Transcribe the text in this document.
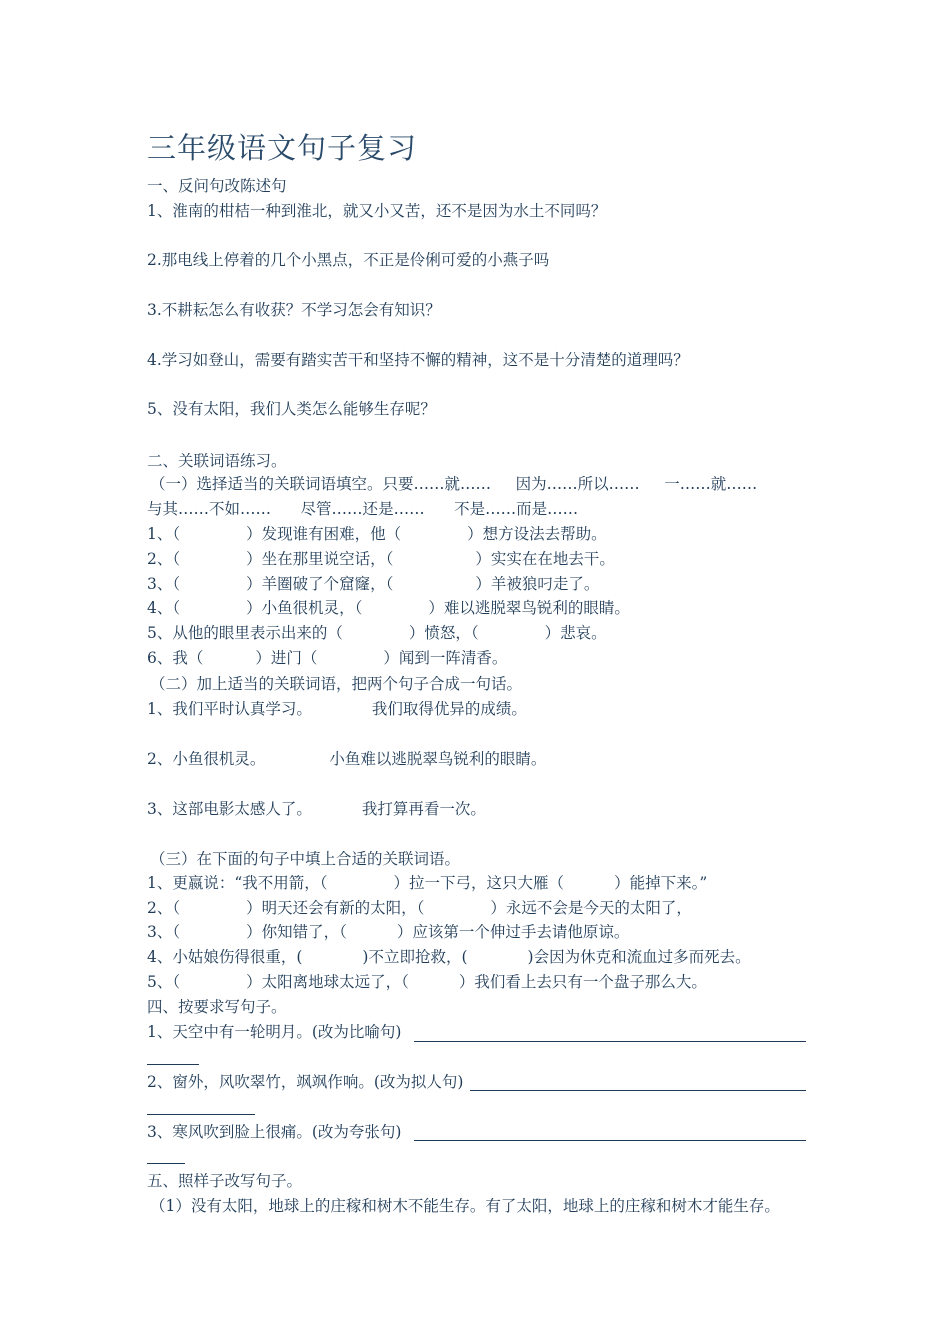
三年级语文句子复习
一、反问句改陈述句
1、淮南的柑桔一种到淮北，就又小又苦，还不是因为水土不同吗？
2.那电线上停着的几个小黑点，不正是伶俐可爱的小燕子吗
3.不耕耘怎么有收获？不学习怎会有知识？
4.学习如登山，需要有踏实苦干和坚持不懈的精神，这不是十分清楚的道理吗？
5、没有太阳，我们人类怎么能够生存呢？
二、关联词语练习。
（一）选择适当的关联词语填空。只要……就……     因为……所以……     一……就……
与其……不如……      尽管……还是……      不是……而是……
1、（	）发现谁有困难，他（	）想方设法去帮助。
2、（	）坐在那里说空话，（	）实实在在地去干。
3、（	）羊圈破了个窟窿，（	）羊被狼叼走了。
4、（	）小鱼很机灵，（	）难以逃脱翠鸟锐利的眼睛。
5、从他的眼里表示出来的（	）愤怒，（	）悲哀。
6、我（	）进门（	）闻到一阵清香。
（二）加上适当的关联词语，把两个句子合成一句话。
1、我们平时认真学习。	我们取得优异的成绩。
2、小鱼很机灵。	小鱼难以逃脱翠鸟锐利的眼睛。
3、这部电影太感人了。	我打算再看一次。
（三）在下面的句子中填上合适的关联词语。
1、更嬴说：“我不用箭，（	）拉一下弓，这只大雁（	）能掉下来。”
2、（	）明天还会有新的太阳，（	）永远不会是今天的太阳了，
3、（	）你知错了，（	）应该第一个伸过手去请他原谅。
4、小姑娘伤得很重，(	)不立即抢救，(	)会因为休克和流血过多而死去。
5、（	）太阳离地球太远了，（	）我们看上去只有一个盘子那么大。
四、按要求写句子。
1、天空中有一轮明月。(改为比喻句)
2、窗外，风吹翠竹，飒飒作响。(改为拟人句)
3、寒风吹到脸上很痛。(改为夸张句)
五、照样子改写句子。
（1）没有太阳，地球上的庄稼和树木不能生存。有了太阳，地球上的庄稼和树木才能生存。
